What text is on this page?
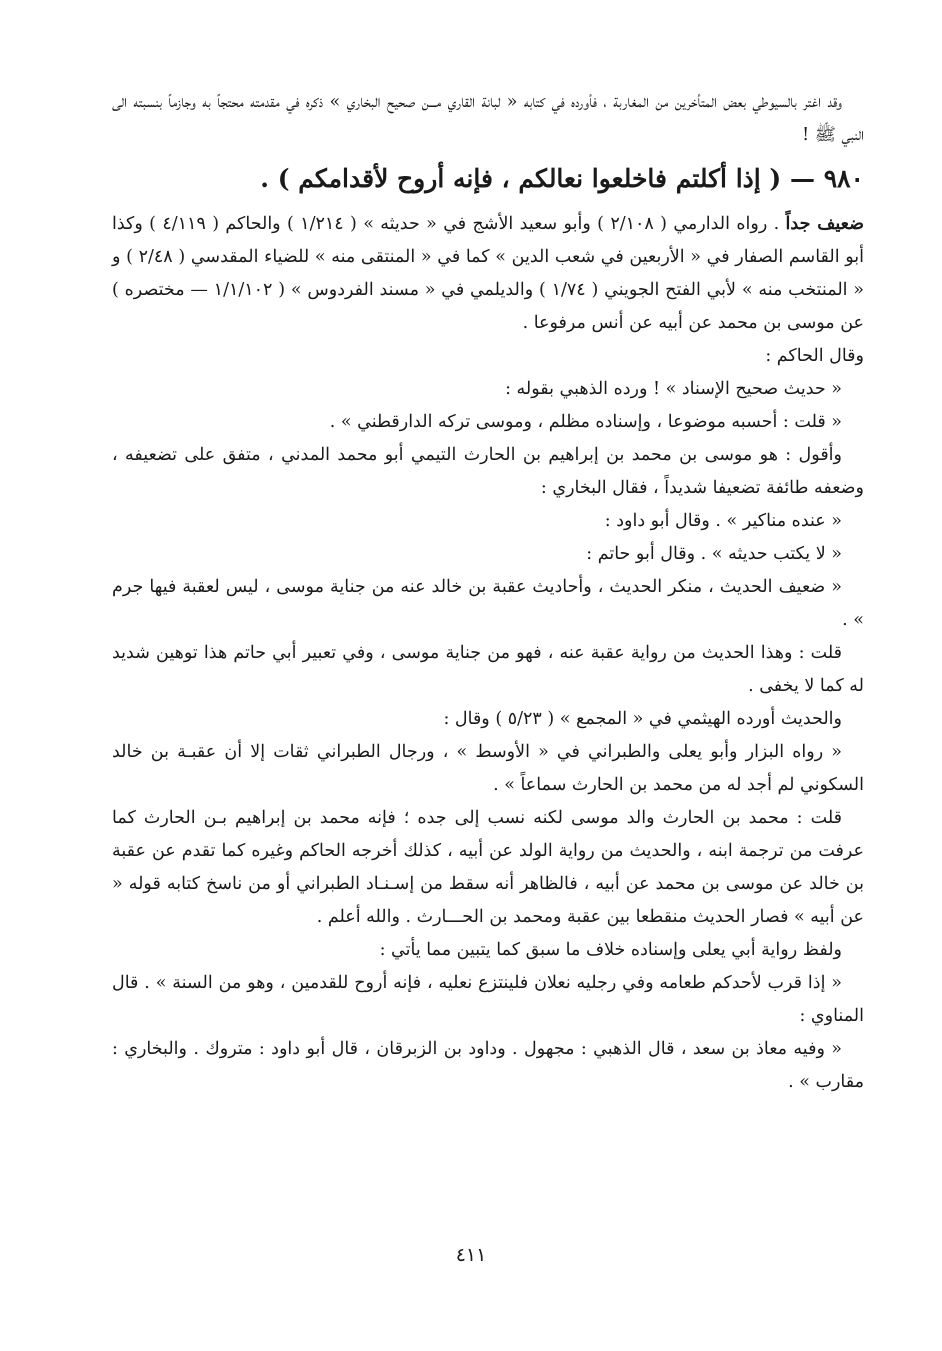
وقد اغتر بالسيوطي بعض المتأخرين من المغاربة ، فأورده في كتابه « لبانة القاري مـــن صحيح البخاري » ذكره في مقدمته محتجاً به وجازماً بنسبته الى النبي ﷺ !

٩٨٠ — ( إذا أكلتم فاخلعوا نعالكم ، فإنه أروح لأقدامكم ) .

ضعيف جداً . رواه الدارمي ( ٢/١٠٨ ) وأبو سعيد الأشج في « حديثه » ( ١/٢١٤ ) والحاكم ( ٤/١١٩ ) وكذا أبو القاسم الصفار في « الأربعين في شعب الدين » كما في « المنتقى منه » للضياء المقدسي ( ٢/٤٨ ) و « المنتخب منه » لأبي الفتح الجويني ( ١/٧٤ ) والديلمي في « مسند الفردوس » ( ١/١/١٠٢ — مختصره ) عن موسى بن محمد عن أبيه عن أنس مرفوعا .

وقال الحاكم :

« حديث صحيح الإسناد » ! ورده الذهبي بقوله :

« قلت : أحسبه موضوعا ، وإسناده مظلم ، وموسى تركه الدارقطني » .

وأقول : هو موسى بن محمد بن إبراهيم بن الحارث التيمي أبو محمد المدني ، متفق على تضعيفه ، وضعفه طائفة تضعيفا شديداً ، فقال البخاري :

« عنده مناكير » . وقال أبو داود :

« لا يكتب حديثه » . وقال أبو حاتم :

« ضعيف الحديث ، منكر الحديث ، وأحاديث عقبة بن خالد عنه من جناية موسى ، ليس لعقبة فيها جرم » .

قلت : وهذا الحديث من رواية عقبة عنه ، فهو من جناية موسى ، وفي تعبير أبي حاتم هذا توهين شديد له كما لا يخفى .

والحديث أورده الهيثمي في « المجمع » ( ٥/٢٣ ) وقال :

« رواه البزار وأبو يعلى والطبراني في « الأوسط » ، ورجال الطبراني ثقات إلا أن عقبـة بن خالد السكوني لم أجد له من محمد بن الحارث سماعاً » .

قلت : محمد بن الحارث والد موسى لكنه نسب إلى جده ؛ فإنه محمد بن إبراهيم بـن الحارث كما عرفت من ترجمة ابنه ، والحديث من رواية الولد عن أبيه ، كذلك أخرجه الحاكم وغيره كما تقدم عن عقبة بن خالد عن موسى بن محمد عن أبيه ، فالظاهر أنه سقط من إسـنـاد الطبراني أو من ناسخ كتابه قوله « عن أبيه » فصار الحديث منقطعا بين عقبة ومحمد بن الحـــارث . والله أعلم .

ولفظ رواية أبي يعلى وإسناده خلاف ما سبق كما يتبين مما يأتي :

« إذا قرب لأحدكم طعامه وفي رجليه نعلان فلينتزع نعليه ، فإنه أروح للقدمين ، وهو من السنة » . قال المناوي :

« وفيه معاذ بن سعد ، قال الذهبي : مجهول . وداود بن الزبرقان ، قال أبو داود : متروك . والبخاري : مقارب » .

٤١١
